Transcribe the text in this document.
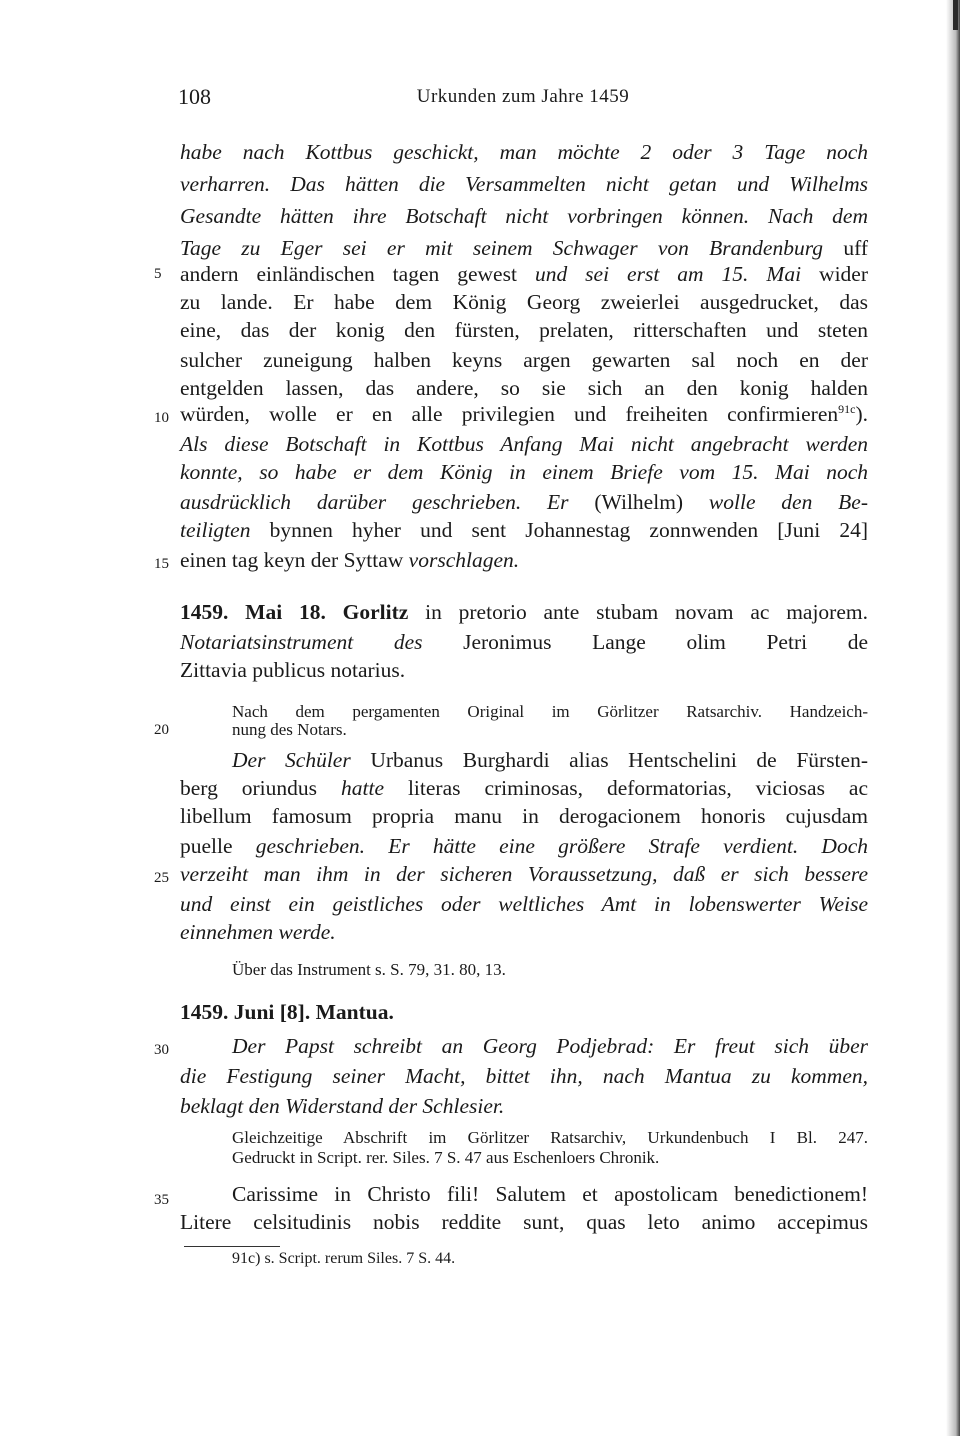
108	Urkunden zum Jahre 1459
habe nach Kottbus geschickt, man möchte 2 oder 3 Tage noch
verharren. Das hätten die Versammelten nicht getan und Wilhelms
Gesandte hätten ihre Botschaft nicht vorbringen können. Nach dem
Tage zu Eger sei er mit seinem Schwager von Brandenburg uff
5 andern einländischen tagen gewest und sei erst am 15. Mai wider
zu lande. Er habe dem König Georg zweierlei ausgedrucket, das
eine, das der konig den fürsten, prelaten, ritterschaften und steten
sulcher zuneigung halben keyns argen gewarten sal noch en der
entgelden lassen, das andere, so sie sich an den konig halden
10 würden, wolle er en alle privilegien und freiheiten confirmieren$^{91c}$).
Als diese Botschaft in Kottbus Anfang Mai nicht angebracht werden
konnte, so habe er dem König in einem Briefe vom 15. Mai noch
ausdrücklich darüber geschrieben. Er (Wilhelm) wolle den Be-
teiligten bynnen hyher und sent Johannestag zonnwenden [Juni 24]
15 einen tag keyn der Syttaw vorschlagen.
1459. Mai 18. Gorlitz in pretorio ante stubam novam ac majorem.
Notariatsinstrument des Jeronimus Lange olim Petri de
Zittavia publicus notarius.
Nach dem pergamenten Original im Görlitzer Ratsarchiv. Handzeich-
20	nung des Notars.
Der Schüler Urbanus Burghardi alias Hentschelini de Fürsten-
berg oriundus hatte literas criminosas, deformatorias, viciosas ac
libellum famosum propria manu in derogacionem honoris cujusdam
puelle geschrieben. Er hätte eine größere Strafe verdient. Doch
25 verzeiht man ihm in der sicheren Voraussetzung, daß er sich bessere
und einst ein geistliches oder weltliches Amt in lobenswerter Weise
einnehmen werde.
Über das Instrument s. S. 79, 31. 80, 13.
1459. Juni [8]. Mantua.
30	Der Papst schreibt an Georg Podjebrad: Er freut sich über
die Festigung seiner Macht, bittet ihn, nach Mantua zu kommen,
beklagt den Widerstand der Schlesier.
Gleichzeitige Abschrift im Görlitzer Ratsarchiv, Urkundenbuch I Bl. 247.
Gedruckt in Script. rer. Siles. 7 S. 47 aus Eschenloers Chronik.
35	Carissime in Christo fili! Salutem et apostolicam benedictionem!
Litere celsitudinis nobis reddite sunt, quas leto animo accepimus
91c) s. Script. rerum Siles. 7 S. 44.
